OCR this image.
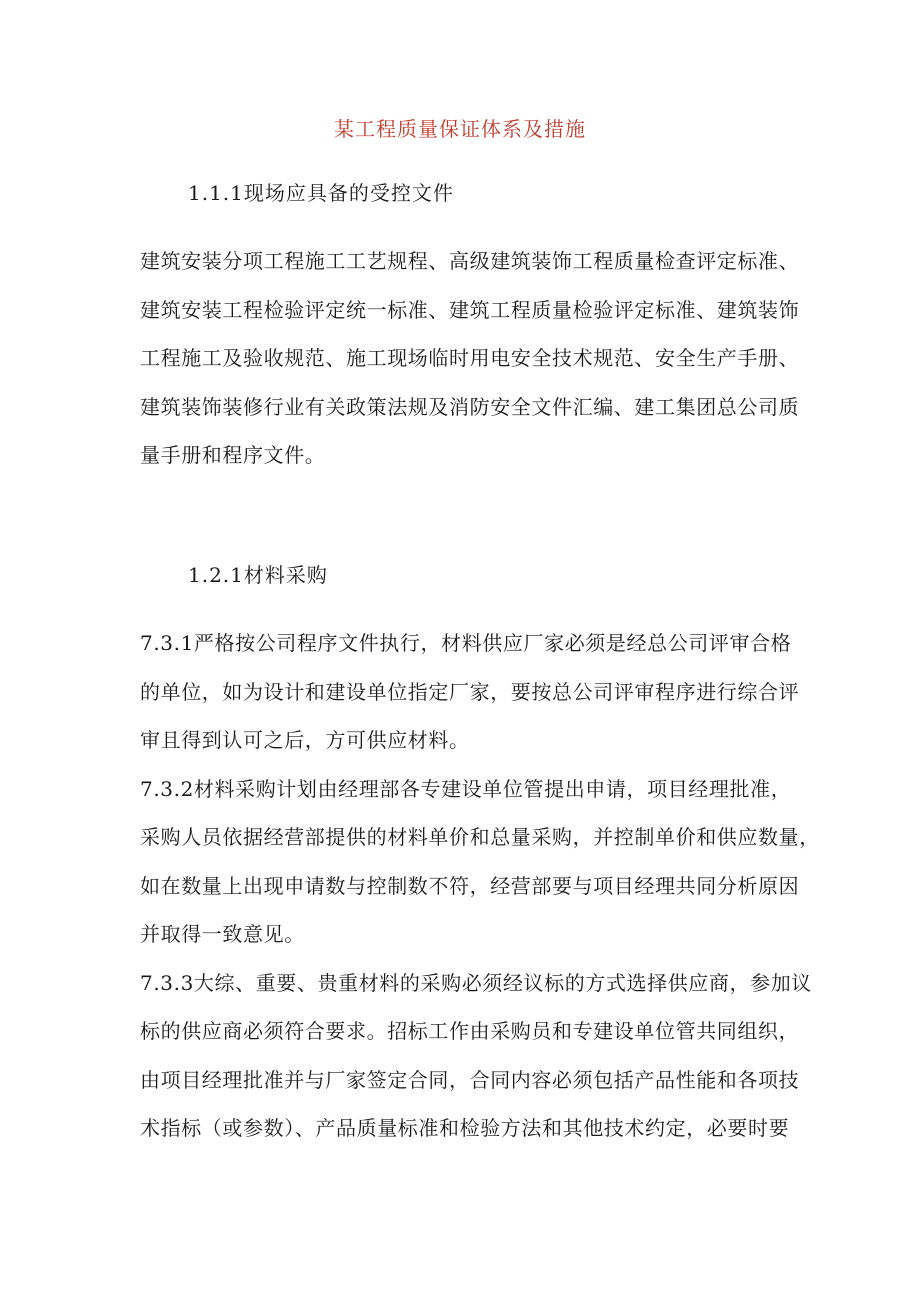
某工程质量保证体系及措施
1.1.1现场应具备的受控文件
建筑安装分项工程施工工艺规程、高级建筑装饰工程质量检查评定标准、
建筑安装工程检验评定统一标准、建筑工程质量检验评定标准、建筑装饰
工程施工及验收规范、施工现场临时用电安全技术规范、安全生产手册、
建筑装饰装修行业有关政策法规及消防安全文件汇编、建工集团总公司质
量手册和程序文件。
1.2.1材料采购
7.3.1严格按公司程序文件执行，材料供应厂家必须是经总公司评审合格
的单位，如为设计和建设单位指定厂家，要按总公司评审程序进行综合评
审且得到认可之后，方可供应材料。
7.3.2材料采购计划由经理部各专建设单位管提出申请，项目经理批准，
采购人员依据经营部提供的材料单价和总量采购，并控制单价和供应数量，
如在数量上出现申请数与控制数不符，经营部要与项目经理共同分析原因
并取得一致意见。
7.3.3大综、重要、贵重材料的采购必须经议标的方式选择供应商，参加议
标的供应商必须符合要求。招标工作由采购员和专建设单位管共同组织，
由项目经理批准并与厂家签定合同，合同内容必须包括产品性能和各项技
术指标（或参数）、产品质量标准和检验方法和其他技术约定，必要时要
